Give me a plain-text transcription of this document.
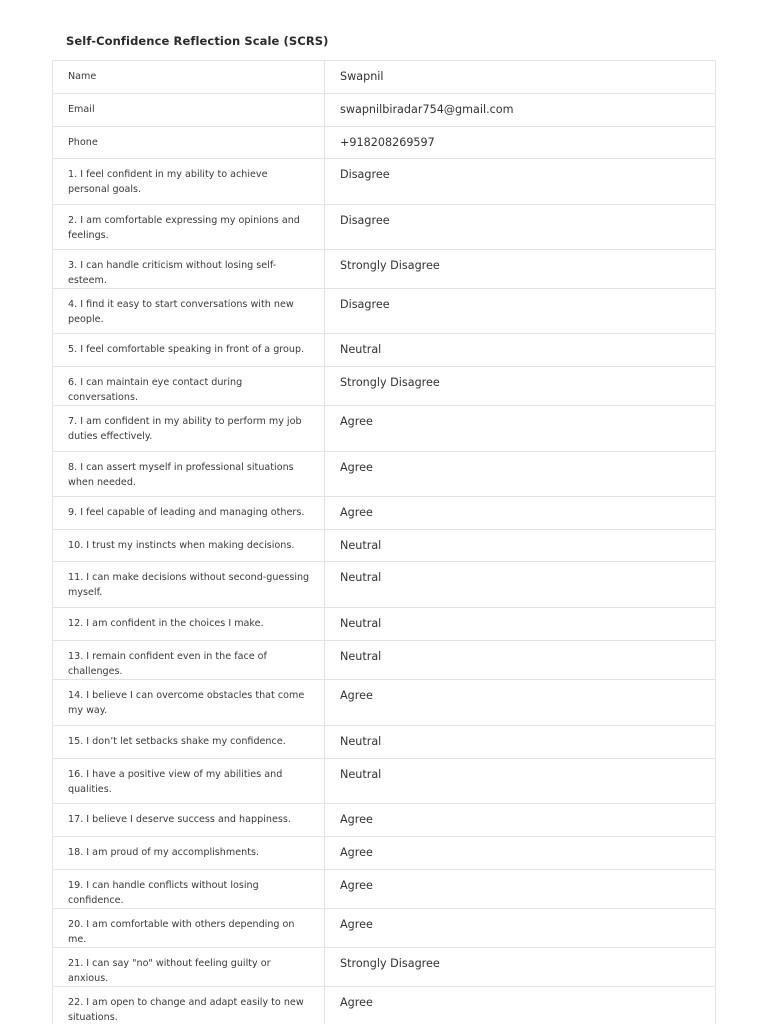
Self-Confidence Reflection Scale (SCRS)
Name	Swapnil
Email	swapnilbiradar754@gmail.com
Phone	+918208269597
1. I feel confident in my ability to achieve personal goals.	Disagree
2. I am comfortable expressing my opinions and feelings.	Disagree
3. I can handle criticism without losing self-esteem.	Strongly Disagree
4. I find it easy to start conversations with new people.	Disagree
5. I feel comfortable speaking in front of a group.	Neutral
6. I can maintain eye contact during conversations.	Strongly Disagree
7. I am confident in my ability to perform my job duties effectively.	Agree
8. I can assert myself in professional situations when needed.	Agree
9. I feel capable of leading and managing others.	Agree
10. I trust my instincts when making decisions.	Neutral
11. I can make decisions without second-guessing myself.	Neutral
12. I am confident in the choices I make.	Neutral
13. I remain confident even in the face of challenges.	Neutral
14. I believe I can overcome obstacles that come my way.	Agree
15. I don’t let setbacks shake my confidence.	Neutral
16. I have a positive view of my abilities and qualities.	Neutral
17. I believe I deserve success and happiness.	Agree
18. I am proud of my accomplishments.	Agree
19. I can handle conflicts without losing confidence.	Agree
20. I am comfortable with others depending on me.	Agree
21. I can say "no" without feeling guilty or anxious.	Strongly Disagree
22. I am open to change and adapt easily to new situations.	Agree
